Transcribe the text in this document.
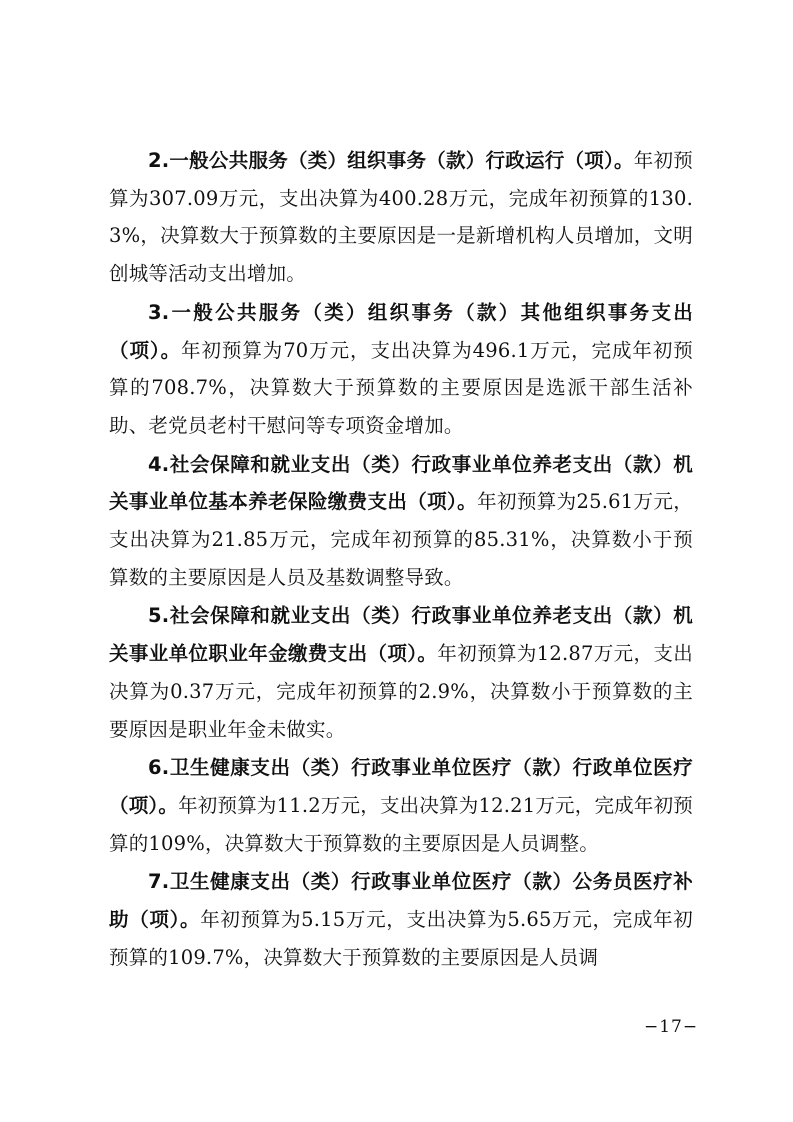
2.一般公共服务（类）组织事务（款）行政运行（项）。年初预算为307.09万元，支出决算为400.28万元，完成年初预算的130.3%，决算数大于预算数的主要原因是一是新增机构人员增加，文明创城等活动支出增加。

3.一般公共服务（类）组织事务（款）其他组织事务支出（项）。年初预算为70万元，支出决算为496.1万元，完成年初预算的708.7%，决算数大于预算数的主要原因是选派干部生活补助、老党员老村干慰问等专项资金增加。

4.社会保障和就业支出（类）行政事业单位养老支出（款）机关事业单位基本养老保险缴费支出（项）。年初预算为25.61万元，支出决算为21.85万元，完成年初预算的85.31%，决算数小于预算数的主要原因是人员及基数调整导致。

5.社会保障和就业支出（类）行政事业单位养老支出（款）机关事业单位职业年金缴费支出（项）。年初预算为12.87万元，支出决算为0.37万元，完成年初预算的2.9%，决算数小于预算数的主要原因是职业年金未做实。

6.卫生健康支出（类）行政事业单位医疗（款）行政单位医疗（项）。年初预算为11.2万元，支出决算为12.21万元，完成年初预算的109%，决算数大于预算数的主要原因是人员调整。

7.卫生健康支出（类）行政事业单位医疗（款）公务员医疗补助（项）。年初预算为5.15万元，支出决算为5.65万元，完成年初预算的109.7%，决算数大于预算数的主要原因是人员调

−17−
